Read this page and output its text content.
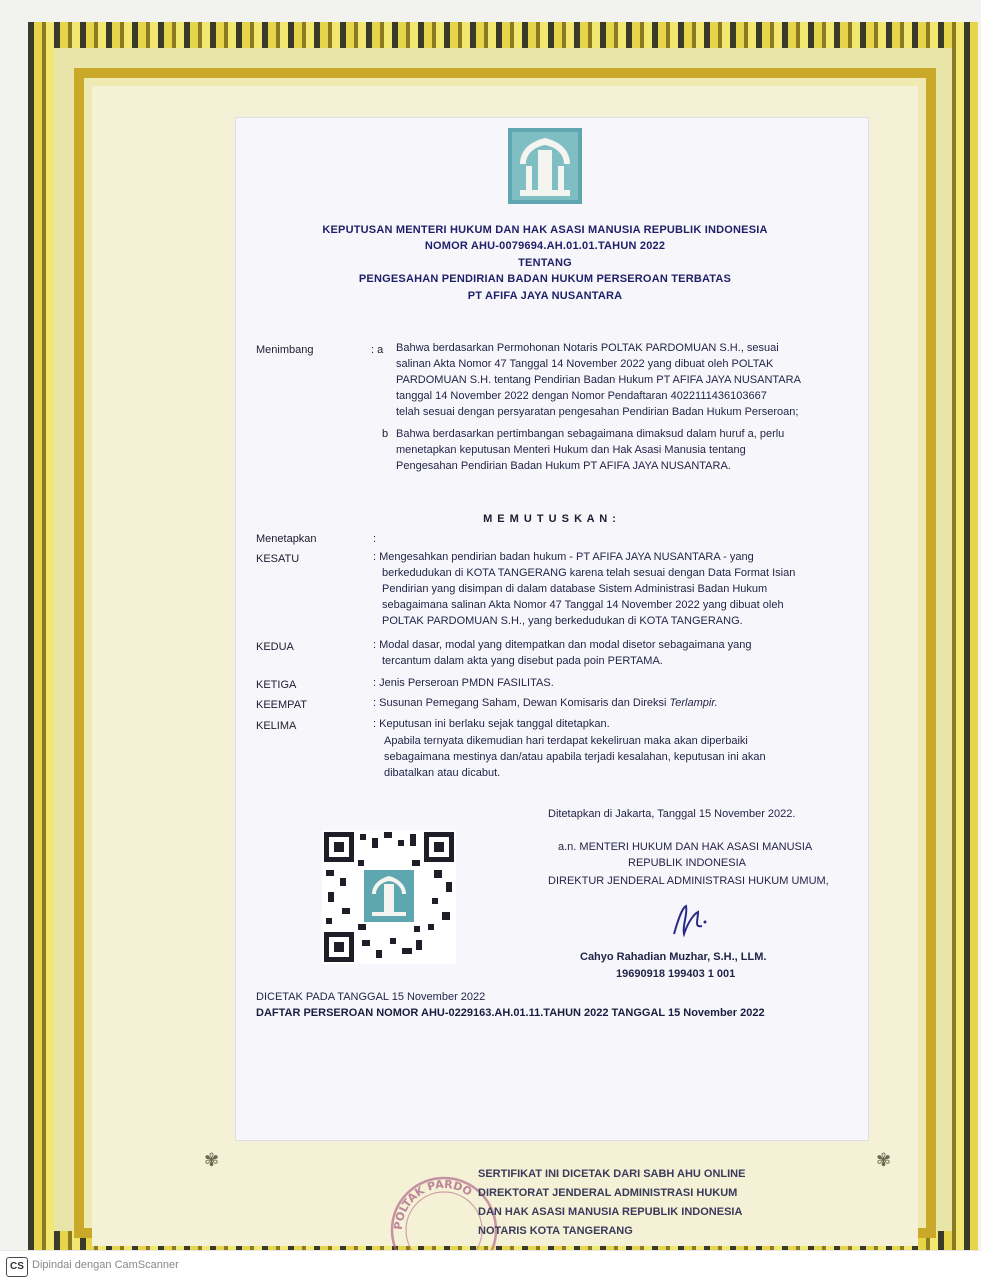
KEPUTUSAN MENTERI HUKUM DAN HAK ASASI MANUSIA REPUBLIK INDONESIA
NOMOR AHU-0079694.AH.01.01.TAHUN 2022
TENTANG
PENGESAHAN PENDIRIAN BADAN HUKUM PERSEROAN TERBATAS
PT AFIFA JAYA NUSANTARA
Menimbang	: a Bahwa berdasarkan Permohonan Notaris POLTAK PARDOMUAN S.H., sesuai
salinan Akta Nomor 47 Tanggal 14 November 2022 yang dibuat oleh POLTAK
PARDOMUAN S.H. tentang Pendirian Badan Hukum PT AFIFA JAYA NUSANTARA
tanggal 14 November 2022 dengan Nomor Pendaftaran 4022111436103667
telah sesuai dengan persyaratan pengesahan Pendirian Badan Hukum Perseroan;
b Bahwa berdasarkan pertimbangan sebagaimana dimaksud dalam huruf a, perlu
menetapkan keputusan Menteri Hukum dan Hak Asasi Manusia tentang
Pengesahan Pendirian Badan Hukum PT AFIFA JAYA NUSANTARA.
M E M U T U S K A N :
Menetapkan	:
KESATU	: Mengesahkan pendirian badan hukum - PT AFIFA JAYA NUSANTARA - yang
berkedudukan di KOTA TANGERANG karena telah sesuai dengan Data Format Isian
Pendirian yang disimpan di dalam database Sistem Administrasi Badan Hukum
sebagaimana salinan Akta Nomor 47 Tanggal 14 November 2022 yang dibuat oleh
POLTAK PARDOMUAN S.H., yang berkedudukan di KOTA TANGERANG.
KEDUA	: Modal dasar, modal yang ditempatkan dan modal disetor sebagaimana yang
tercantum dalam akta yang disebut pada poin PERTAMA.
KETIGA	: Jenis Perseroan PMDN FASILITAS.
KEEMPAT	: Susunan Pemegang Saham, Dewan Komisaris dan Direksi Terlampir.
KELIMA	: Keputusan ini berlaku sejak tanggal ditetapkan.
Apabila ternyata dikemudian hari terdapat kekeliruan maka akan diperbaiki
sebagaimana mestinya dan/atau apabila terjadi kesalahan, keputusan ini akan
dibatalkan atau dicabut.
Ditetapkan di Jakarta, Tanggal 15 November 2022.
a.n. MENTERI HUKUM DAN HAK ASASI MANUSIA
REPUBLIK INDONESIA
DIREKTUR JENDERAL ADMINISTRASI HUKUM UMUM,
Cahyo Rahadian Muzhar, S.H., LLM.
19690918 199403 1 001
DICETAK PADA TANGGAL 15 November 2022
DAFTAR PERSEROAN NOMOR AHU-0229163.AH.01.11.TAHUN 2022 TANGGAL 15 November 2022
✾	✾
POLTAK PARDO
SERTIFIKAT INI DICETAK DARI SABH AHU ONLINE
DIREKTORAT JENDERAL ADMINISTRASI HUKUM
DAN HAK ASASI MANUSIA REPUBLIK INDONESIA
NOTARIS KOTA TANGERANG
CS Dipindai dengan CamScanner
